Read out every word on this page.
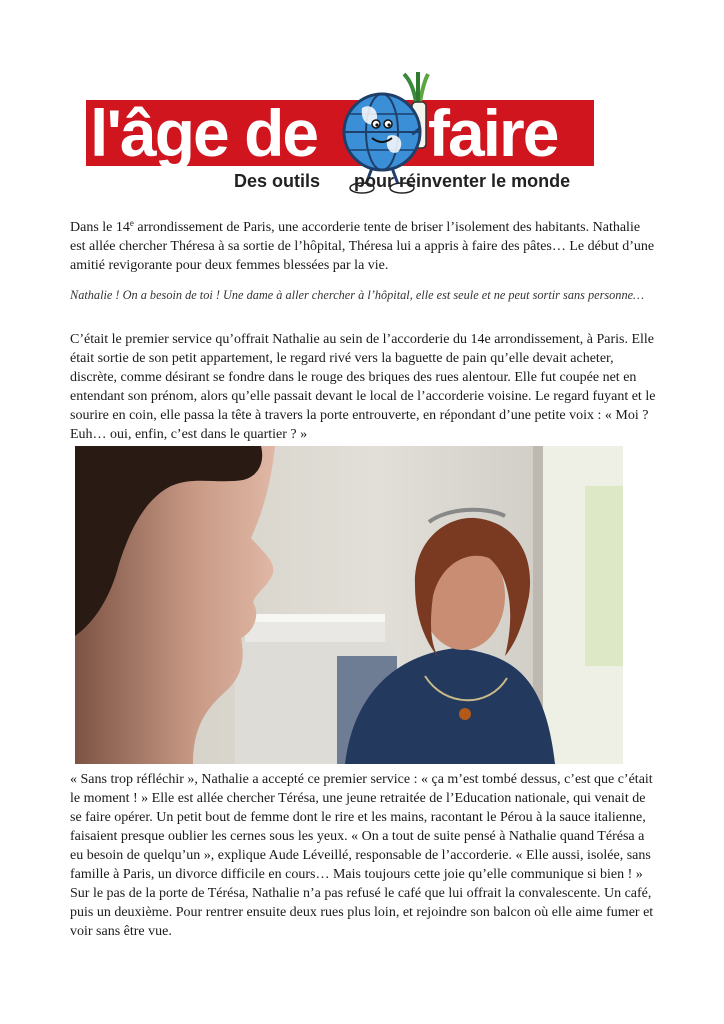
l'âge de faire
Des outils pour réinventer le monde

Dans le 14e arrondissement de Paris, une accorderie tente de briser l’isolement des habitants. Nathalie est allée chercher Théresa à sa sortie de l’hôpital, Théresa lui a appris à faire des pâtes… Le début d’une amitié revigorante pour deux femmes blessées par la vie.

Nathalie ! On a besoin de toi ! Une dame à aller chercher à l’hôpital, elle est seule et ne peut sortir sans personne…

C’était le premier service qu’offrait Nathalie au sein de l’accorderie du 14e arrondissement, à Paris. Elle était sortie de son petit appartement, le regard rivé vers la baguette de pain qu’elle devait acheter, discrète, comme désirant se fondre dans le rouge des briques des rues alentour. Elle fut coupée net en entendant son prénom, alors qu’elle passait devant le local de l’accorderie voisine. Le regard fuyant et le sourire en coin, elle passa la tête à travers la porte entrouverte, en répondant d’une petite voix : « Moi ? Euh… oui, enfin, c’est dans le quartier ? »

« Sans trop réfléchir », Nathalie a accepté ce premier service : « ça m’est tombé dessus, c’est que c’était le moment ! » Elle est allée chercher Térésa, une jeune retraitée de l’Education nationale, qui venait de se faire opérer. Un petit bout de femme dont le rire et les mains, racontant le Pérou à la sauce italienne, faisaient presque oublier les cernes sous les yeux. « On a tout de suite pensé à Nathalie quand Térésa a eu besoin de quelqu’un », explique Aude Léveillé, responsable de l’accorderie. « Elle aussi, isolée, sans famille à Paris, un divorce difficile en cours… Mais toujours cette joie qu’elle communique si bien ! » Sur le pas de la porte de Térésa, Nathalie n’a pas refusé le café que lui offrait la convalescente. Un café, puis un deuxième. Pour rentrer ensuite deux rues plus loin, et rejoindre son balcon où elle aime fumer et voir sans être vue.
